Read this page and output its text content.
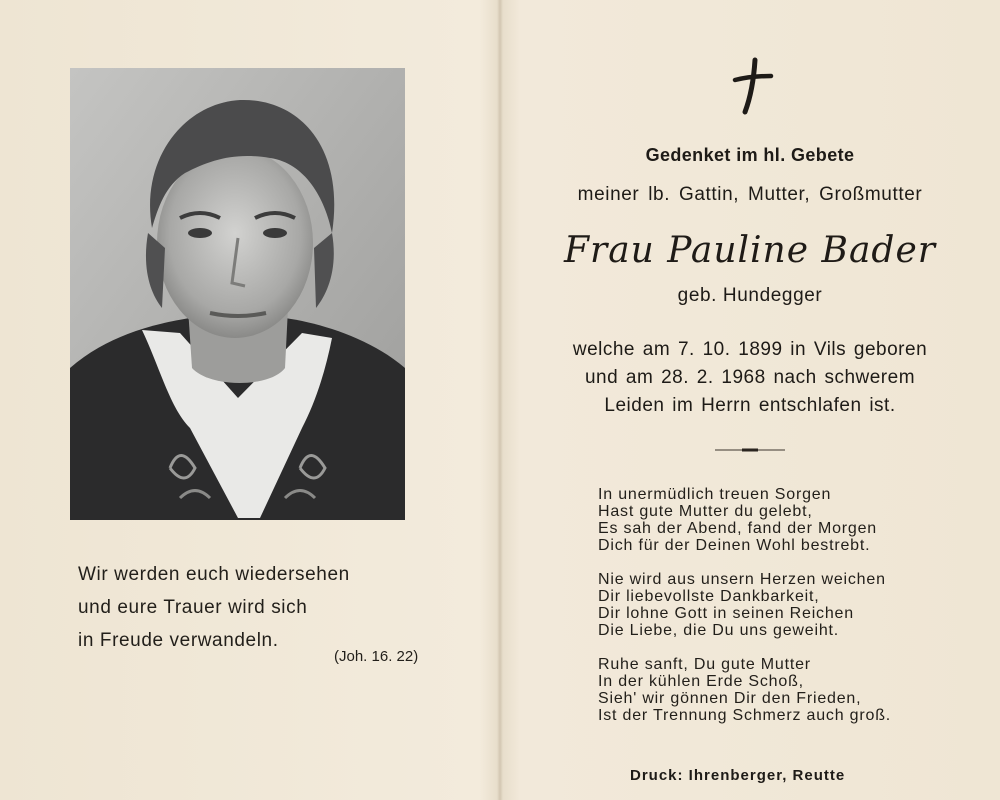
Wir werden euch wiedersehen
und eure Trauer wird sich
in Freude verwandeln.
(Joh. 16. 22)
Gedenket im hl. Gebete
meiner lb. Gattin, Mutter, Großmutter
Frau Pauline Bader
geb. Hundegger
welche am 7. 10. 1899 in Vils geboren
und am 28. 2. 1968 nach schwerem
Leiden im Herrn entschlafen ist.
In unermüdlich treuen Sorgen
Hast gute Mutter du gelebt,
Es sah der Abend, fand der Morgen
Dich für der Deinen Wohl bestrebt.
Nie wird aus unsern Herzen weichen
Dir liebevollste Dankbarkeit,
Dir lohne Gott in seinen Reichen
Die Liebe, die Du uns geweiht.
Ruhe sanft, Du gute Mutter
In der kühlen Erde Schoß,
Sieh' wir gönnen Dir den Frieden,
Ist der Trennung Schmerz auch groß.
Druck: Ihrenberger, Reutte
